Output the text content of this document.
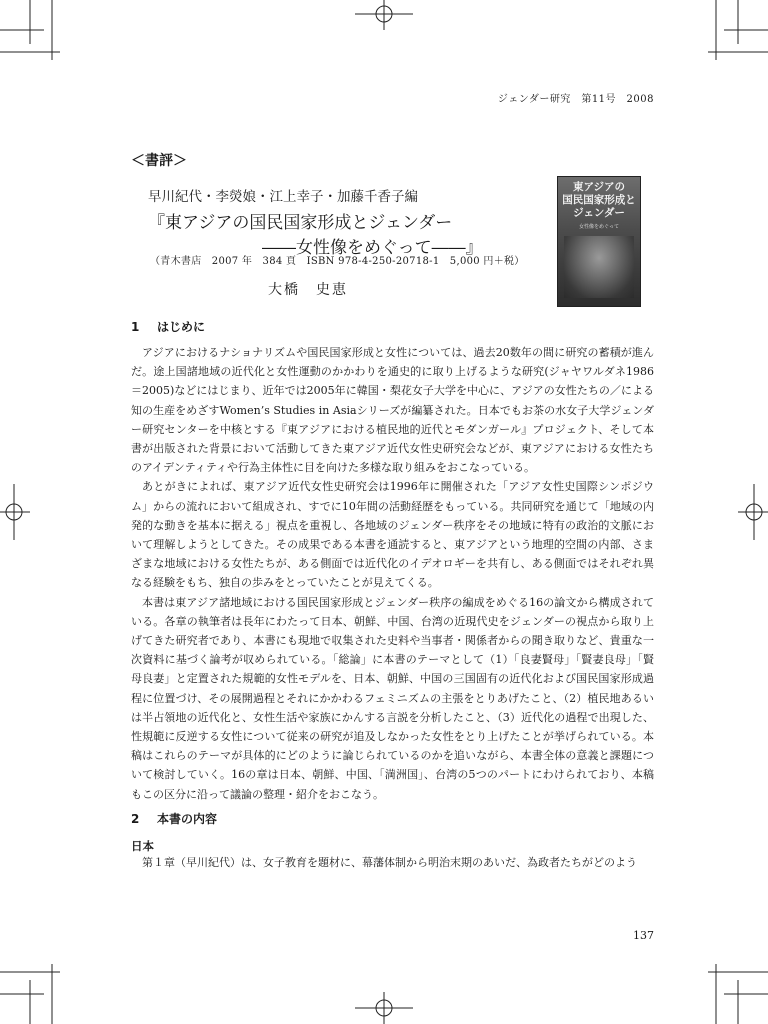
ジェンダー研究　第11号　2008
＜書評＞
早川紀代・李熒娘・江上幸子・加藤千香子編
『東アジアの国民国家形成とジェンダー
――女性像をめぐって――』
（青木書店　2007 年　384 頁　ISBN 978-4-250-20718-1　5,000 円＋税）
大橋　史恵
東アジアの
国民国家形成と
ジェンダー
女性像をめぐって
1 はじめに

アジアにおけるナショナリズムや国民国家形成と女性については、過去20数年の間に研究の蓄積が進んだ。途上国諸地域の近代化と女性運動のかかわりを通史的に取り上げるような研究(ジャヤワルダネ1986＝2005)などにはじまり、近年では2005年に韓国・梨花女子大学を中心に、アジアの女性たちの／による知の生産をめざすWomen’s Studies in Asiaシリーズが編纂された。日本でもお茶の水女子大学ジェンダー研究センターを中核とする『東アジアにおける植民地的近代とモダンガール』プロジェクト、そして本書が出版された背景において活動してきた東アジア近代女性史研究会などが、東アジアにおける女性たちのアイデンティティや行為主体性に目を向けた多様な取り組みをおこなっている。

あとがきによれば、東アジア近代女性史研究会は1996年に開催された「アジア女性史国際シンポジウム」からの流れにおいて組成され、すでに10年間の活動経歴をもっている。共同研究を通じて「地域の内発的な動きを基本に据える」視点を重視し、各地域のジェンダー秩序をその地域に特有の政治的文脈において理解しようとしてきた。その成果である本書を通読すると、東アジアという地理的空間の内部、さまざまな地域における女性たちが、ある側面では近代化のイデオロギーを共有し、ある側面ではそれぞれ異なる経験をもち、独自の歩みをとっていたことが見えてくる。

本書は東アジア諸地域における国民国家形成とジェンダー秩序の編成をめぐる16の論文から構成されている。各章の執筆者は長年にわたって日本、朝鮮、中国、台湾の近現代史をジェンダーの視点から取り上げてきた研究者であり、本書にも現地で収集された史料や当事者・関係者からの聞き取りなど、貴重な一次資料に基づく論考が収められている。「総論」に本書のテーマとして（1）「良妻賢母」「賢妻良母」「賢母良妻」と定置された規範的女性モデルを、日本、朝鮮、中国の三国固有の近代化および国民国家形成過程に位置づけ、その展開過程とそれにかかわるフェミニズムの主張をとりあげたこと、（2）植民地あるいは半占領地の近代化と、女性生活や家族にかんする言説を分析したこと、（3）近代化の過程で出現した、性規範に反逆する女性について従来の研究が追及しなかった女性をとり上げたことが挙げられている。本稿はこれらのテーマが具体的にどのように論じられているのかを追いながら、本書全体の意義と課題について検討していく。16の章は日本、朝鮮、中国、「満洲国」、台湾の5つのパートにわけられており、本稿もこの区分に沿って議論の整理・紹介をおこなう。

2 本書の内容
日本

第１章（早川紀代）は、女子教育を題材に、幕藩体制から明治末期のあいだ、為政者たちがどのよう

137
